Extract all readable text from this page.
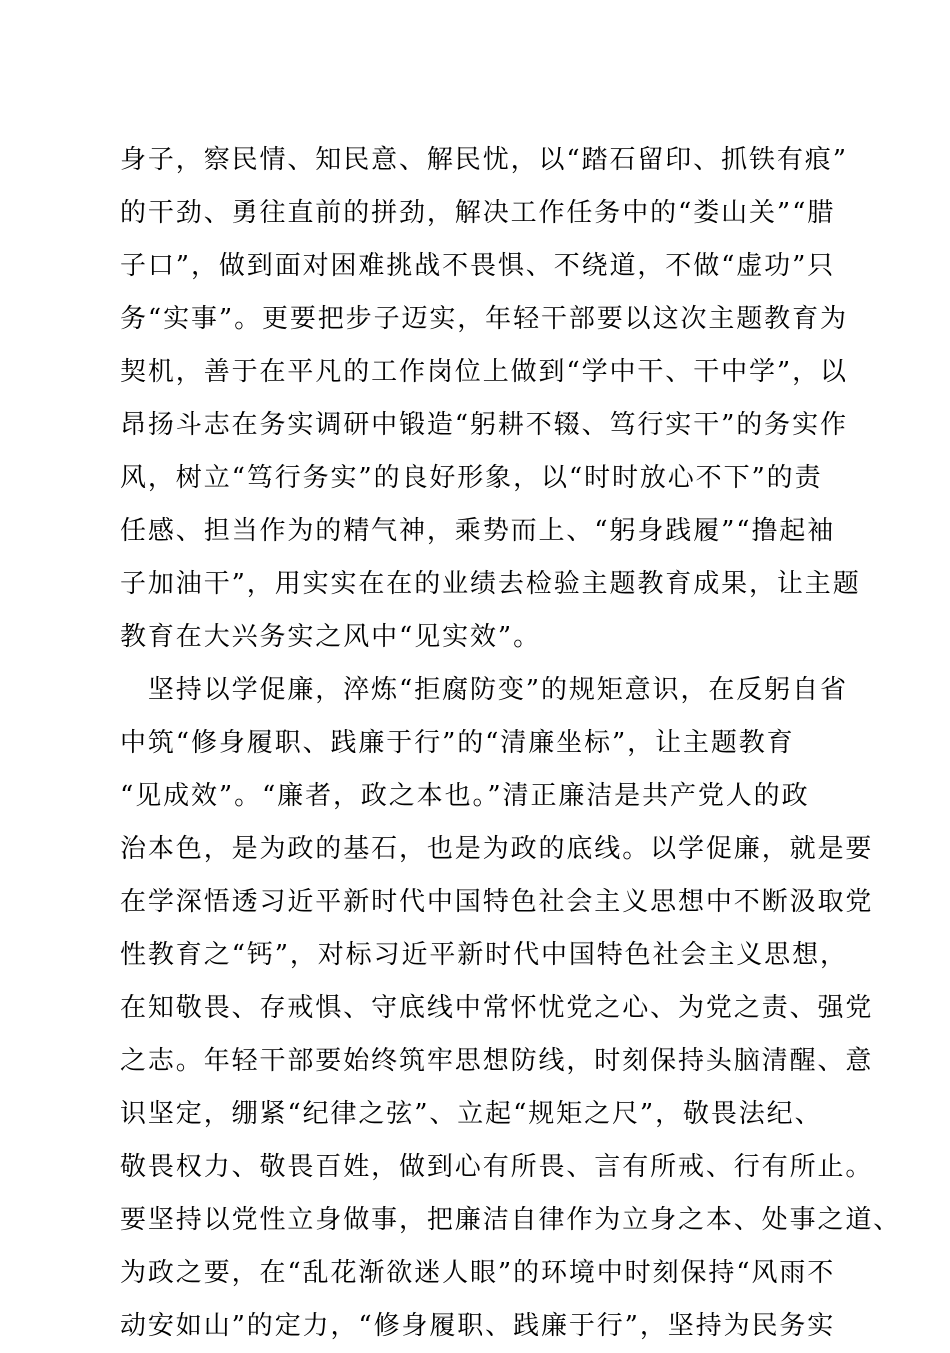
身子，察民情、知民意、解民忧，以“踏石留印、抓铁有痕”
的干劲、勇往直前的拼劲，解决工作任务中的“娄山关”“腊
子口”，做到面对困难挑战不畏惧、不绕道，不做“虚功”只
务“实事”。更要把步子迈实，年轻干部要以这次主题教育为
契机，善于在平凡的工作岗位上做到“学中干、干中学”，以
昂扬斗志在务实调研中锻造“躬耕不辍、笃行实干”的务实作
风，树立“笃行务实”的良好形象，以“时时放心不下”的责
任感、担当作为的精气神，乘势而上、“躬身践履”“撸起袖
子加油干”，用实实在在的业绩去检验主题教育成果，让主题
教育在大兴务实之风中“见实效”。
　坚持以学促廉，淬炼“拒腐防变”的规矩意识，在反躬自省
中筑“修身履职、践廉于行”的“清廉坐标”，让主题教育
“见成效”。“廉者，政之本也。”清正廉洁是共产党人的政
治本色，是为政的基石，也是为政的底线。以学促廉，就是要
在学深悟透习近平新时代中国特色社会主义思想中不断汲取党
性教育之“钙”，对标习近平新时代中国特色社会主义思想，
在知敬畏、存戒惧、守底线中常怀忧党之心、为党之责、强党
之志。年轻干部要始终筑牢思想防线，时刻保持头脑清醒、意
识坚定，绷紧“纪律之弦”、立起“规矩之尺”，敬畏法纪、
敬畏权力、敬畏百姓，做到心有所畏、言有所戒、行有所止。
要坚持以党性立身做事，把廉洁自律作为立身之本、处事之道、
为政之要，在“乱花渐欲迷人眼”的环境中时刻保持“风雨不
动安如山”的定力，“修身履职、践廉于行”，坚持为民务实
